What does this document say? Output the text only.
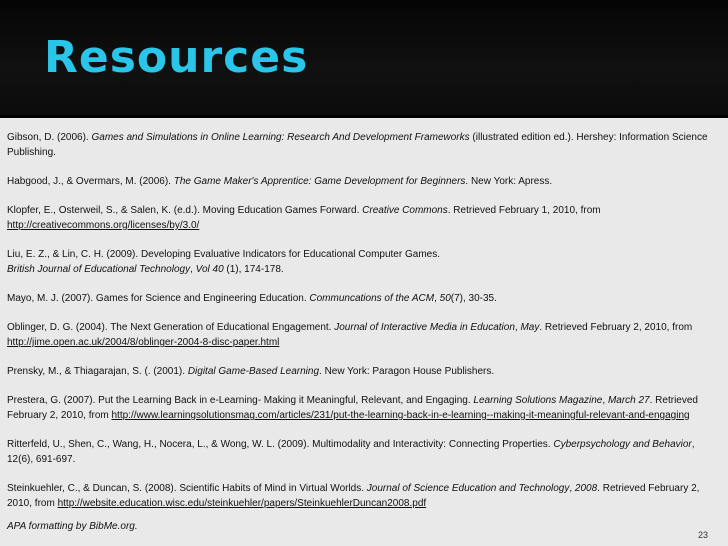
Resources

Gibson, D. (2006). Games and Simulations in Online Learning: Research And Development Frameworks (illustrated edition ed.). Hershey: Information Science Publishing.

Habgood, J., & Overmars, M. (2006). The Game Maker's Apprentice: Game Development for Beginners. New York: Apress.

Klopfer, E., Osterweil, S., & Salen, K. (e.d.). Moving Education Games Forward. Creative Commons. Retrieved February 1, 2010, from
http://creativecommons.org/licenses/by/3.0/

Liu, E. Z., & Lin, C. H. (2009). Developing Evaluative Indicators for Educational Computer Games.
British Journal of Educational Technology, Vol 40 (1), 174-178.

Mayo, M. J. (2007). Games for Science and Engineering Education. Communcations of the ACM, 50(7), 30-35.

Oblinger, D. G. (2004). The Next Generation of Educational Engagement. Journal of Interactive Media in Education, May. Retrieved February 2, 2010, from
http://jime.open.ac.uk/2004/8/oblinger-2004-8-disc-paper.html

Prensky, M., & Thiagarajan, S. (. (2001). Digital Game-Based Learning. New York: Paragon House Publishers.

Prestera, G. (2007). Put the Learning Back in e-Learning- Making it Meaningful, Relevant, and Engaging. Learning Solutions Magazine, March 27. Retrieved February 2, 2010, from http://www.learningsolutionsmag.com/articles/231/put-the-learning-back-in-e-learning--making-it-meaningful-relevant-and-engaging

Ritterfeld, U., Shen, C., Wang, H., Nocera, L., & Wong, W. L. (2009). Multimodality and Interactivity: Connecting Properties. Cyberpsychology and Behavior, 12(6), 691-697.

Steinkuehler, C., & Duncan, S. (2008). Scientific Habits of Mind in Virtual Worlds. Journal of Science Education and Technology, 2008. Retrieved February 2, 2010, from http://website.education.wisc.edu/steinkuehler/papers/SteinkuehlerDuncan2008.pdf

APA formatting by BibMe.org.
23
